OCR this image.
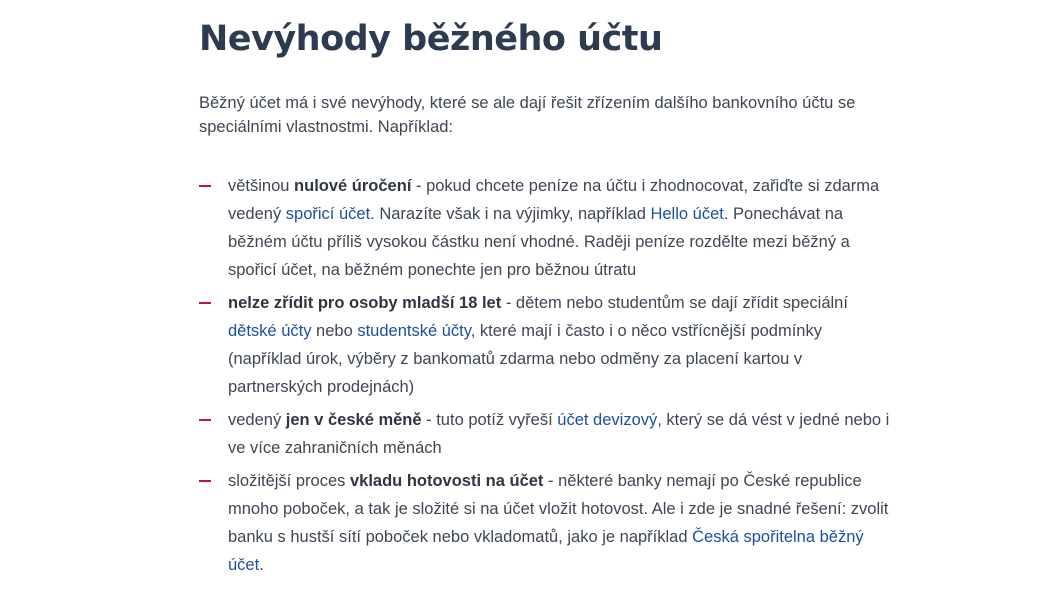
Nevýhody běžného účtu

Běžný účet má i své nevýhody, které se ale dají řešit zřízením dalšího bankovního účtu se speciálními vlastnostmi. Například:

většinou nulové úročení - pokud chcete peníze na účtu i zhodnocovat, zařiďte si zdarma vedený spořicí účet. Narazíte však i na výjimky, například Hello účet. Ponechávat na běžném účtu příliš vysokou částku není vhodné. Raději peníze rozdělte mezi běžný a spořicí účet, na běžném ponechte jen pro běžnou útratu
nelze zřídit pro osoby mladší 18 let - dětem nebo studentům se dají zřídit speciální dětské účty nebo studentské účty, které mají i často i o něco vstřícnější podmínky (například úrok, výběry z bankomatů zdarma nebo odměny za placení kartou v partnerských prodejnách)
vedený jen v české měně - tuto potíž vyřeší účet devizový, který se dá vést v jedné nebo i ve více zahraničních měnách
složitější proces vkladu hotovosti na účet - některé banky nemají po České republice mnoho poboček, a tak je složité si na účet vložit hotovost. Ale i zde je snadné řešení: zvolit banku s hustší sítí poboček nebo vkladomatů, jako je například Česká spořitelna běžný účet.
